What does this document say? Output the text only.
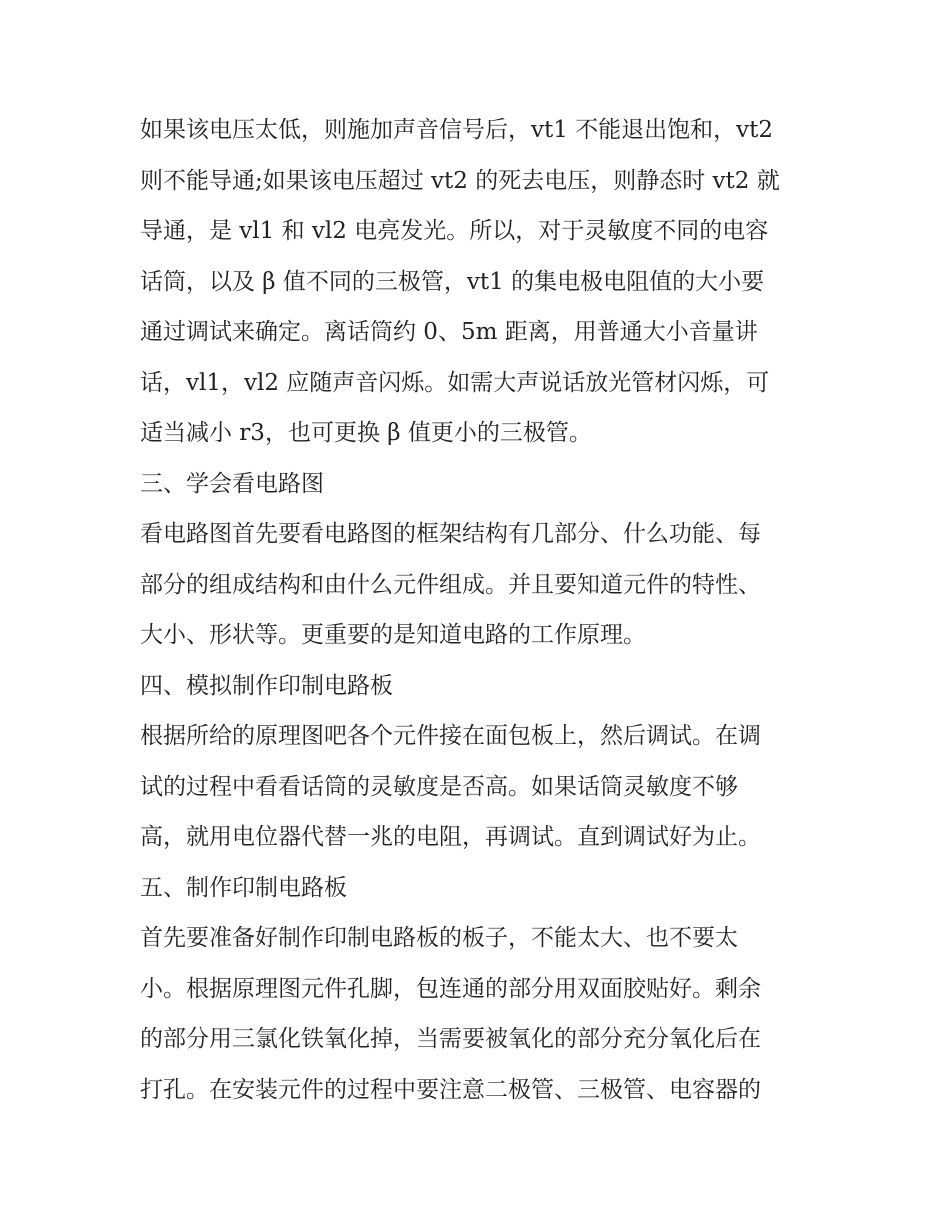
如果该电压太低，则施加声音信号后，vt1 不能退出饱和，vt2
则不能导通;如果该电压超过 vt2 的死去电压，则静态时 vt2 就
导通，是 vl1 和 vl2 电亮发光。所以，对于灵敏度不同的电容
话筒，以及 β 值不同的三极管，vt1 的集电极电阻值的大小要
通过调试来确定。离话筒约 0、5m 距离，用普通大小音量讲
话，vl1，vl2 应随声音闪烁。如需大声说话放光管材闪烁，可
适当减小 r3，也可更换 β 值更小的三极管。
三、学会看电路图
看电路图首先要看电路图的框架结构有几部分、什么功能、每
部分的组成结构和由什么元件组成。并且要知道元件的特性、
大小、形状等。更重要的是知道电路的工作原理。
四、模拟制作印制电路板
根据所给的原理图吧各个元件接在面包板上，然后调试。在调
试的过程中看看话筒的灵敏度是否高。如果话筒灵敏度不够
高，就用电位器代替一兆的电阻，再调试。直到调试好为止。
五、制作印制电路板
首先要准备好制作印制电路板的板子，不能太大、也不要太
小。根据原理图元件孔脚，包连通的部分用双面胶贴好。剩余
的部分用三氯化铁氧化掉，当需要被氧化的部分充分氧化后在
打孔。在安装元件的过程中要注意二极管、三极管、电容器的
